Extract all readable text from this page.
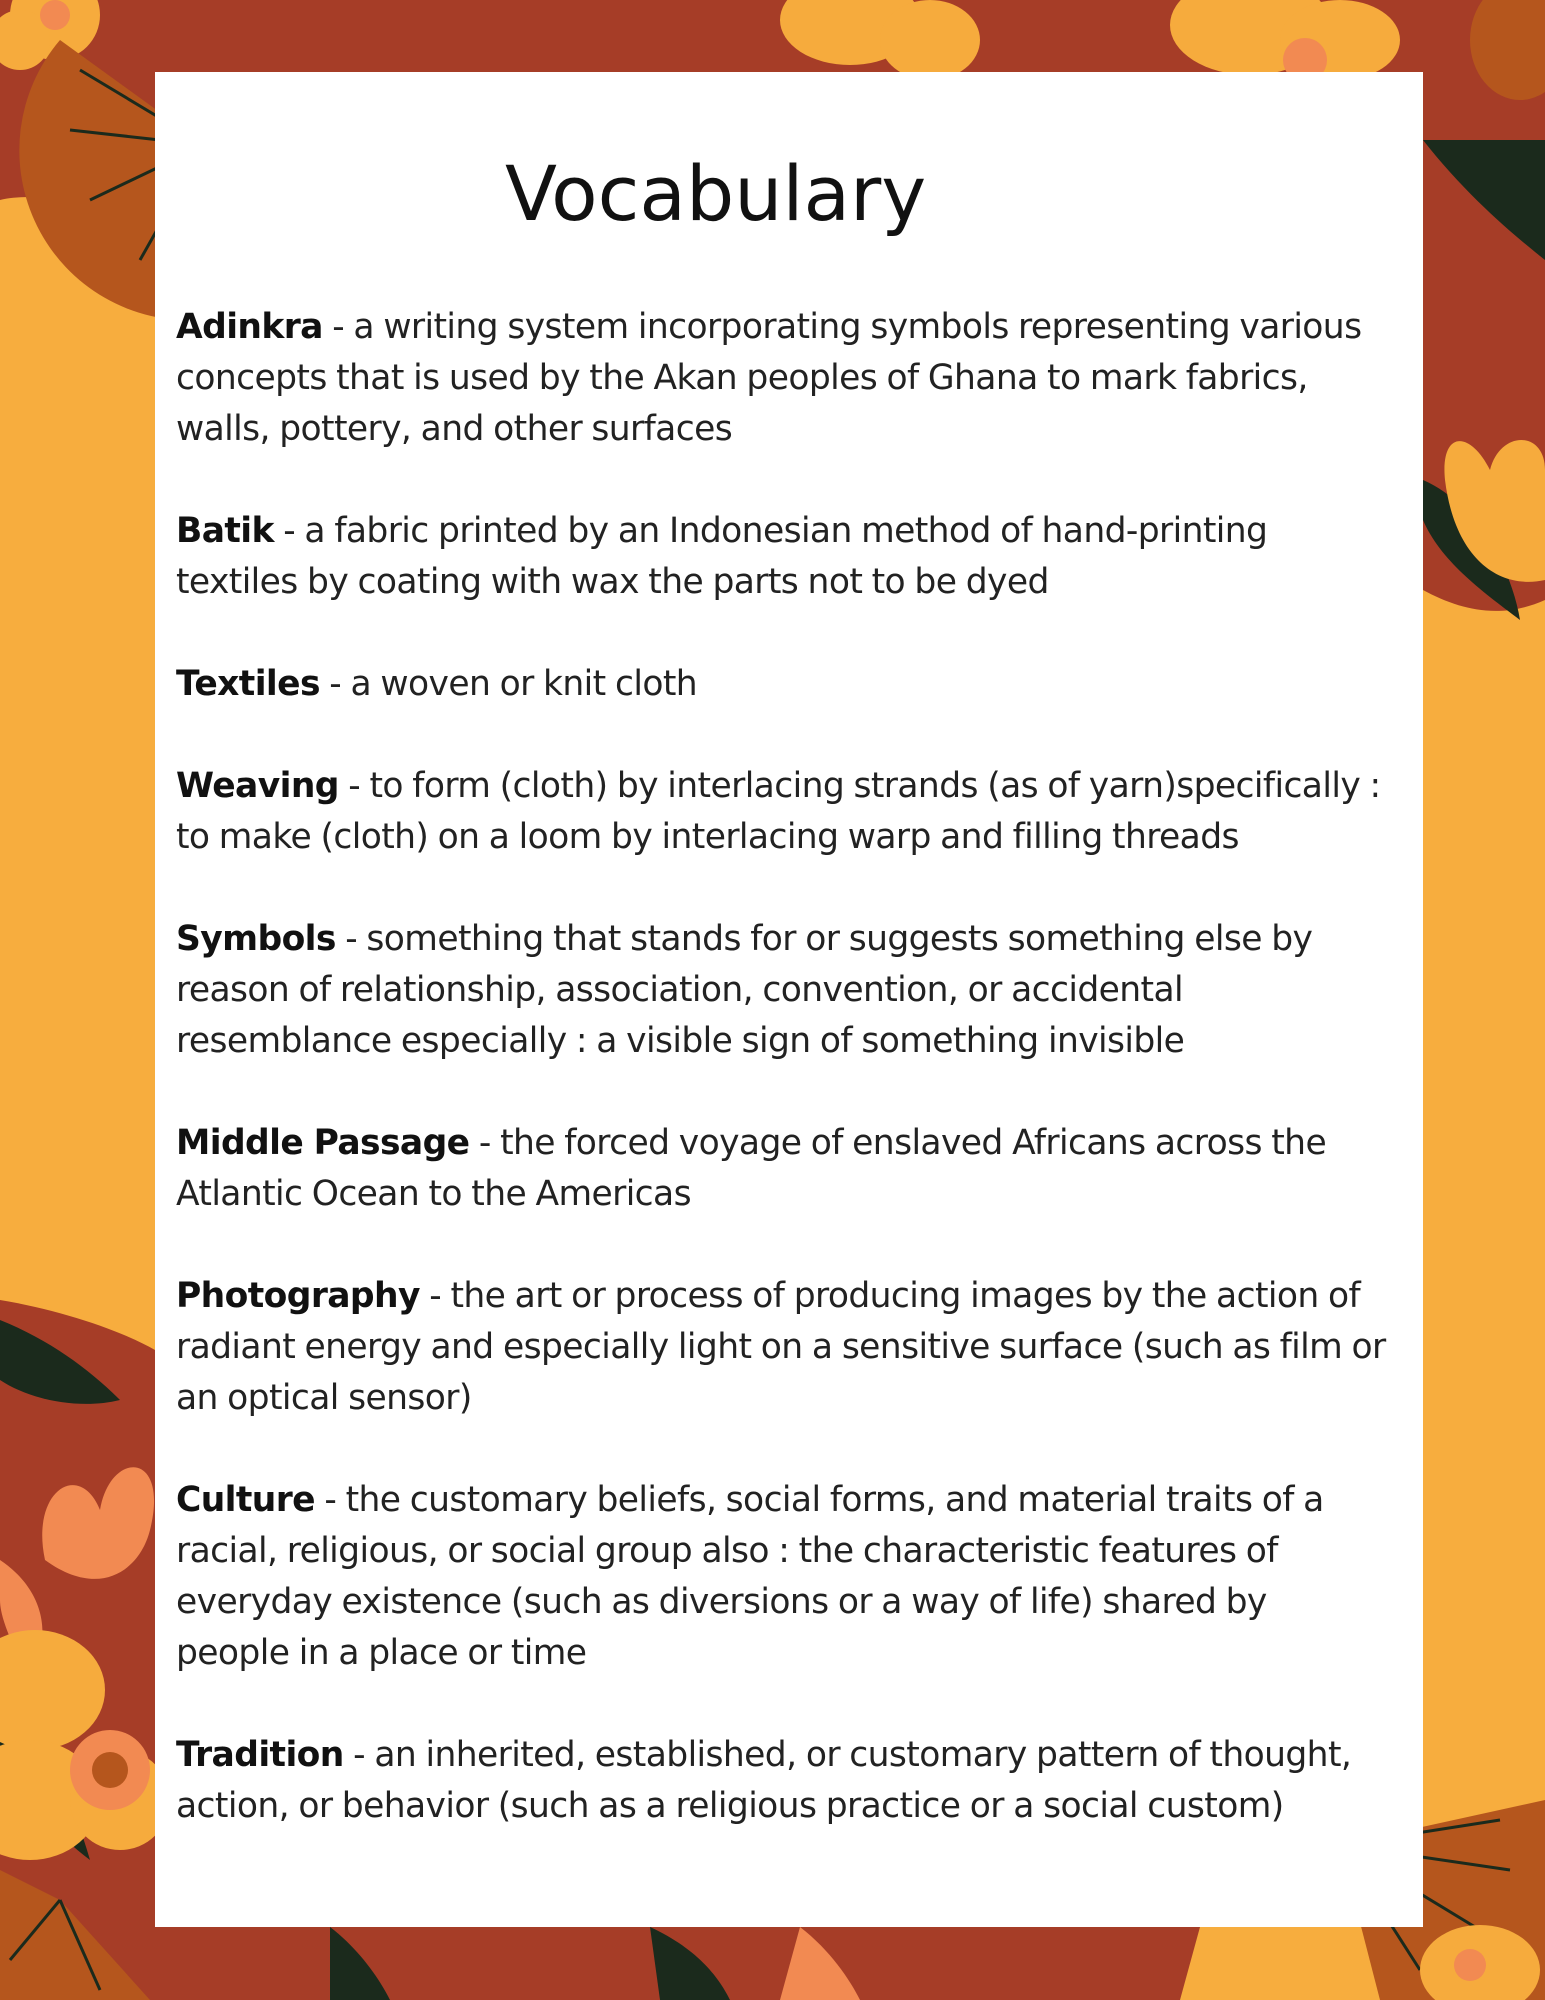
Vocabulary

Adinkra - a writing system incorporating symbols representing various concepts that is used by the Akan peoples of Ghana to mark fabrics, walls, pottery, and other surfaces

Batik - a fabric printed by an Indonesian method of hand-printing textiles by coating with wax the parts not to be dyed

Textiles - a woven or knit cloth

Weaving - to form (cloth) by interlacing strands (as of yarn)specifically : to make (cloth) on a loom by interlacing warp and filling threads

Symbols - something that stands for or suggests something else by reason of relationship, association, convention, or accidental resemblance especially : a visible sign of something invisible

Middle Passage - the forced voyage of enslaved Africans across the Atlantic Ocean to the Americas

Photography - the art or process of producing images by the action of radiant energy and especially light on a sensitive surface (such as film or an optical sensor)

Culture - the customary beliefs, social forms, and material traits of a racial, religious, or social group also : the characteristic features of everyday existence (such as diversions or a way of life) shared by people in a place or time

Tradition - an inherited, established, or customary pattern of thought, action, or behavior (such as a religious practice or a social custom)
